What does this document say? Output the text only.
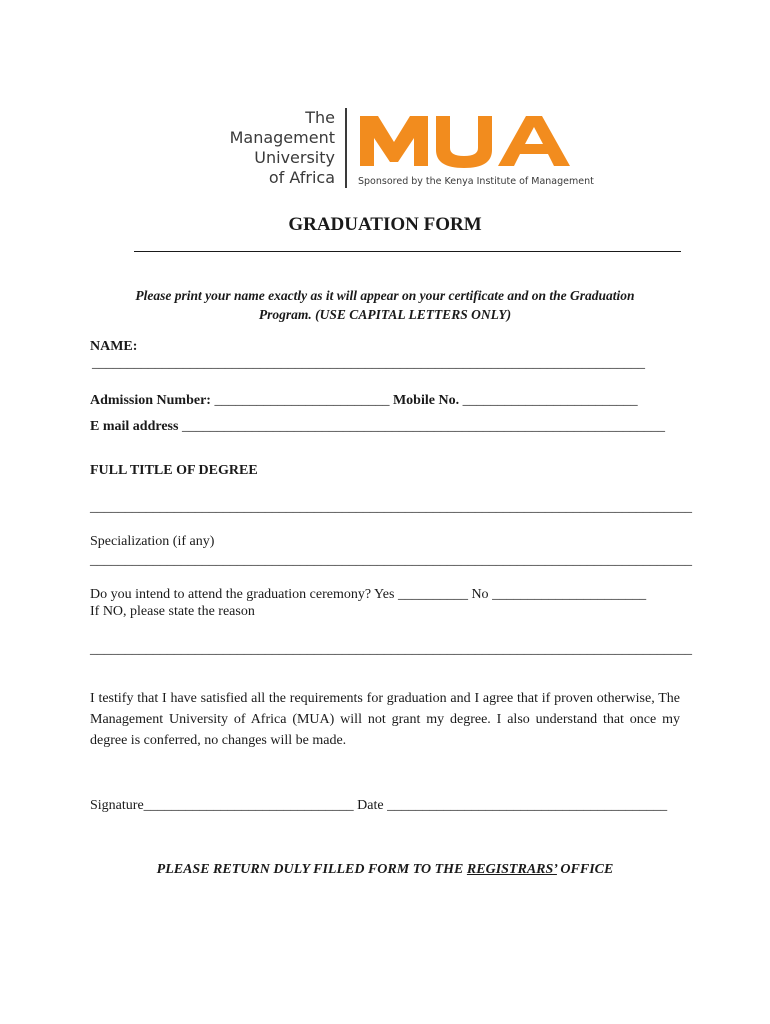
The
Management
University
of Africa Sponsored by the Kenya Institute of Management
GRADUATION FORM
Please print your name exactly as it will appear on your certificate and on the Graduation
Program. (USE CAPITAL LETTERS ONLY)
NAME:
_______________________________________________________________________________
Admission Number: _________________________ Mobile No. _________________________
E mail address _____________________________________________________________________
FULL TITLE OF DEGREE
______________________________________________________________________________________
Specialization (if any)
______________________________________________________________________________________
Do you intend to attend the graduation ceremony? Yes __________ No ______________________
If NO, please state the reason
______________________________________________________________________________________
I testify that I have satisfied all the requirements for graduation and I agree that if proven otherwise, The Management University of Africa (MUA) will not grant my degree. I also understand that once my degree is conferred, no changes will be made.
Signature______________________________ Date ________________________________________
PLEASE RETURN DULY FILLED FORM TO THE REGISTRARS’ OFFICE
